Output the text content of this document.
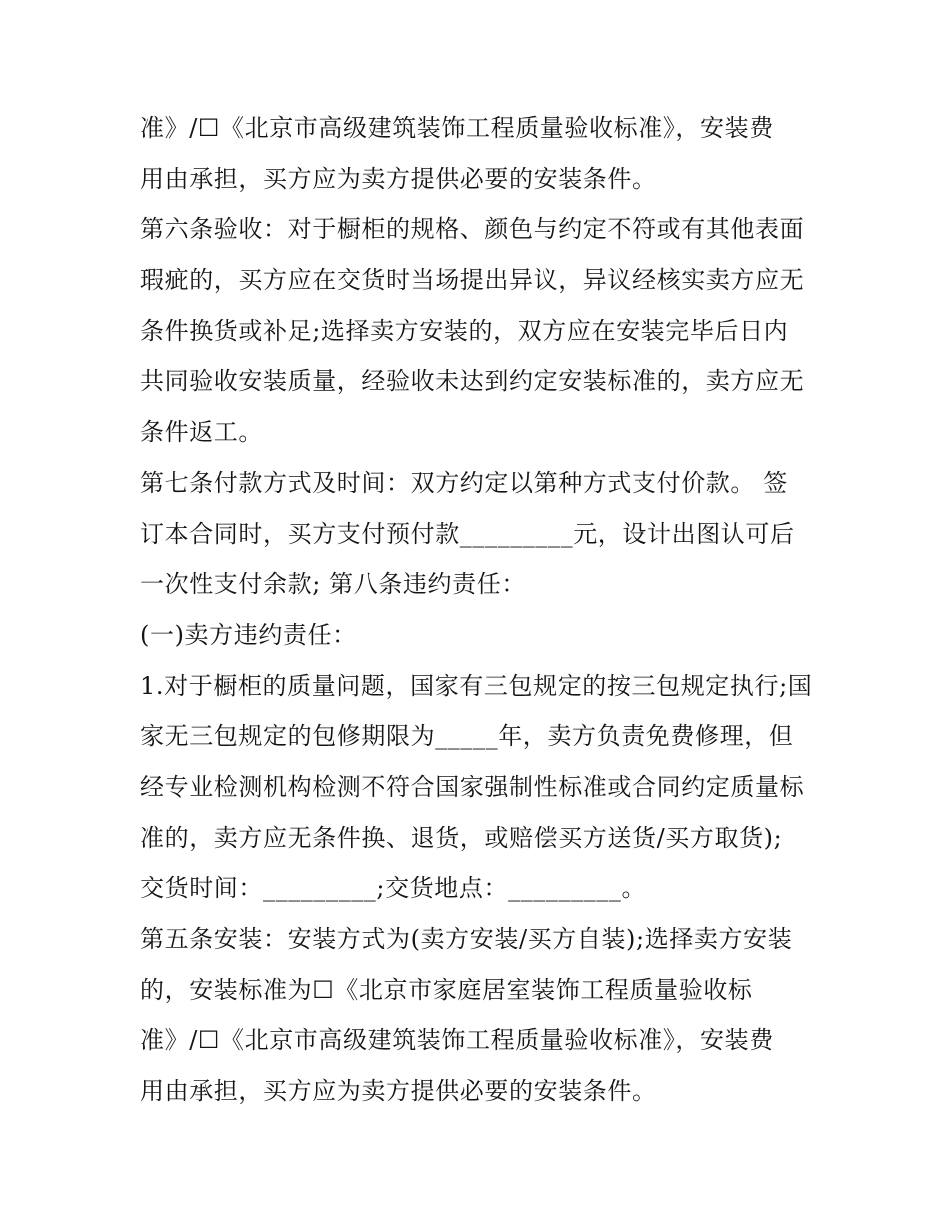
准》/☐《北京市高级建筑装饰工程质量验收标准》，安装费
用由承担，买方应为卖方提供必要的安装条件。
第六条验收：对于橱柜的规格、颜色与约定不符或有其他表面
瑕疵的，买方应在交货时当场提出异议，异议经核实卖方应无
条件换货或补足;选择卖方安装的，双方应在安装完毕后日内
共同验收安装质量，经验收未达到约定安装标准的，卖方应无
条件返工。
第七条付款方式及时间：双方约定以第种方式支付价款。 签
订本合同时，买方支付预付款_________元，设计出图认可后
一次性支付余款; 第八条违约责任：
(一)卖方违约责任：
1.对于橱柜的质量问题，国家有三包规定的按三包规定执行;国
家无三包规定的包修期限为_____年，卖方负责免费修理，但
经专业检测机构检测不符合国家强制性标准或合同约定质量标
准的，卖方应无条件换、退货，或赔偿买方送货/买方取货);
交货时间：_________;交货地点：_________。
第五条安装：安装方式为(卖方安装/买方自装);选择卖方安装
的，安装标准为☐《北京市家庭居室装饰工程质量验收标
准》/☐《北京市高级建筑装饰工程质量验收标准》，安装费
用由承担，买方应为卖方提供必要的安装条件。
